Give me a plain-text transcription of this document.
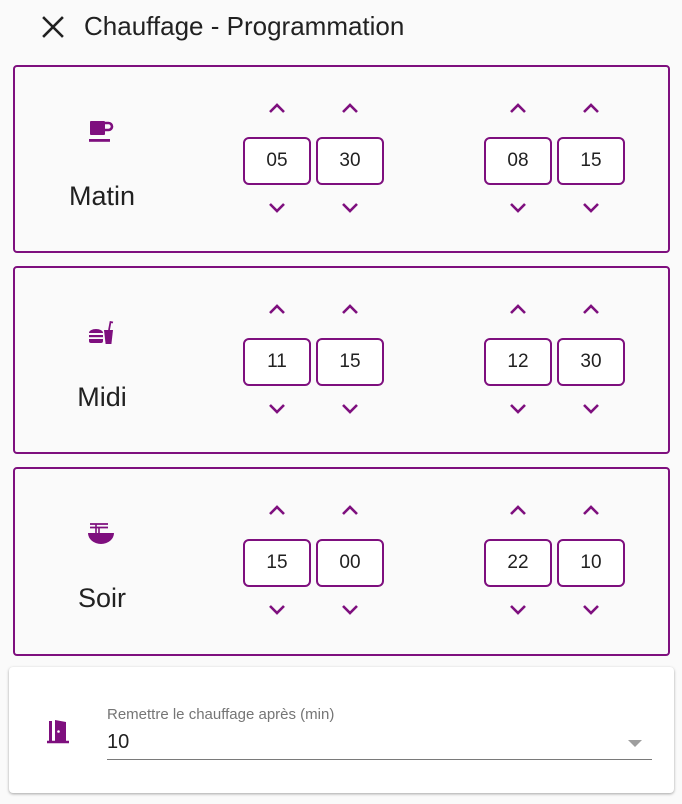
Chauffage - Programmation
Matin
05	30	08	15
Midi
11	15	12	30
Soir
15	00	22	10
Remettre le chauffage après (min)
10
